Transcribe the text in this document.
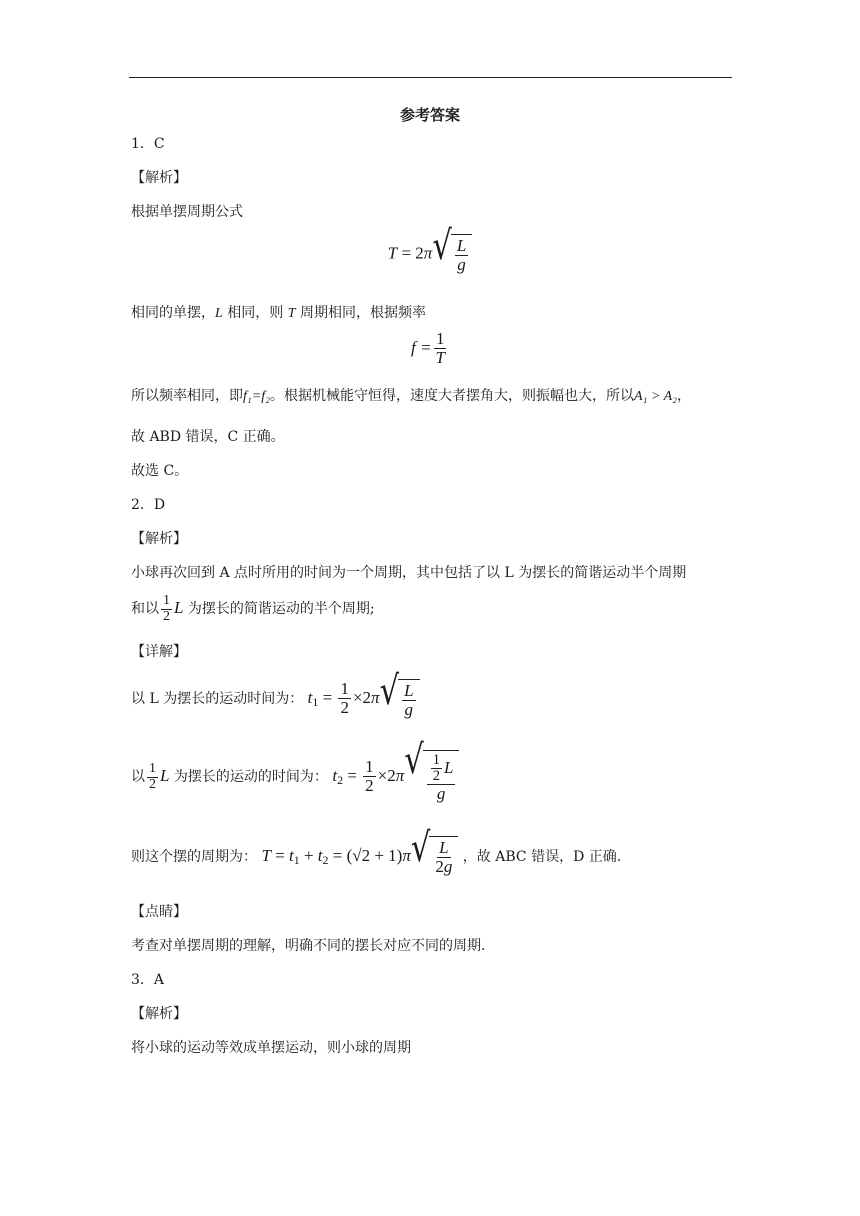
参考答案
1．C
【解析】
根据单摆周期公式
T = 2π √ $\frac{L}{g}$
相同的单摆，L 相同，则 T 周期相同，根据频率
$f = \frac{1}{T}$
所以频率相同，即f₁=f₂。根据机械能守恒得，速度大者摆角大，则振幅也大，所以A₁ > A₂，
故 ABD 错误，C 正确。
故选 C。
2．D
【解析】
小球再次回到 A 点时所用的时间为一个周期，其中包括了以 L 为摆长的简谐运动半个周期
和以 $\frac{1}{2}$ L 为摆长的简谐运动的半个周期;
【详解】
以 L 为摆长的运动时间为： $t_1 = \frac{1}{2} \times 2\pi$ √ $\frac{L}{g}$
以 $\frac{1}{2}$ L 为摆长的运动的时间为： $t_2 = \frac{1}{2} \times 2\pi$ √ $\frac{\frac{1}{2} L}{g}$
则这个摆的周期为： $T = t_1 + t_2 = (√2 + 1)\pi$ √ $\frac{L}{2g}$ ，故 ABC 错误，D 正确.
【点睛】
考查对单摆周期的理解，明确不同的摆长对应不同的周期.
3．A
【解析】
将小球的运动等效成单摆运动，则小球的周期
